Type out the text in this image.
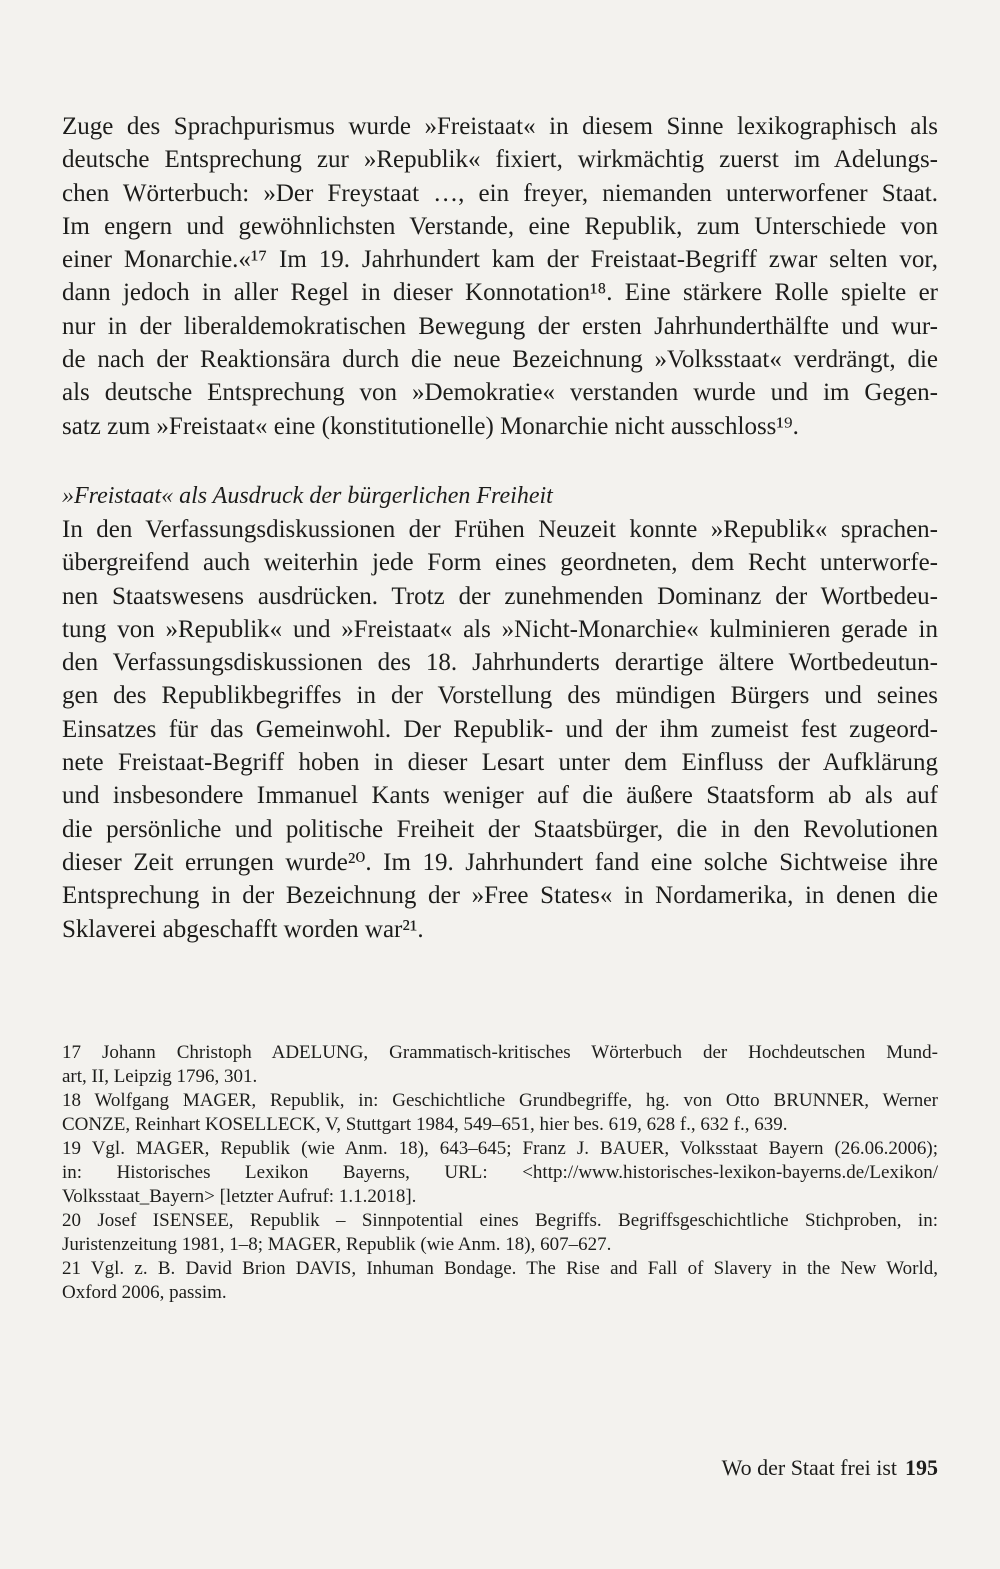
Zuge des Sprachpurismus wurde »Freistaat« in diesem Sinne lexikographisch als
deutsche Entsprechung zur »Republik« fixiert, wirkmächtig zuerst im Adelungs-
chen Wörterbuch: »Der Freystaat …, ein freyer, niemanden unterworfener Staat.
Im engern und gewöhnlichsten Verstande, eine Republik, zum Unterschiede von
einer Monarchie.«¹⁷ Im 19. Jahrhundert kam der Freistaat-Begriff zwar selten vor,
dann jedoch in aller Regel in dieser Konnotation¹⁸. Eine stärkere Rolle spielte er
nur in der liberaldemokratischen Bewegung der ersten Jahrhunderthälfte und wur-
de nach der Reaktionsära durch die neue Bezeichnung »Volksstaat« verdrängt, die
als deutsche Entsprechung von »Demokratie« verstanden wurde und im Gegen-
satz zum »Freistaat« eine (konstitutionelle) Monarchie nicht ausschloss¹⁹.
»Freistaat« als Ausdruck der bürgerlichen Freiheit
In den Verfassungsdiskussionen der Frühen Neuzeit konnte »Republik« sprachen-
übergreifend auch weiterhin jede Form eines geordneten, dem Recht unterworfe-
nen Staatswesens ausdrücken. Trotz der zunehmenden Dominanz der Wortbedeu-
tung von »Republik« und »Freistaat« als »Nicht-Monarchie« kulminieren gerade in
den Verfassungsdiskussionen des 18. Jahrhunderts derartige ältere Wortbedeutun-
gen des Republikbegriffes in der Vorstellung des mündigen Bürgers und seines
Einsatzes für das Gemeinwohl. Der Republik- und der ihm zumeist fest zugeord-
nete Freistaat-Begriff hoben in dieser Lesart unter dem Einfluss der Aufklärung
und insbesondere Immanuel Kants weniger auf die äußere Staatsform ab als auf
die persönliche und politische Freiheit der Staatsbürger, die in den Revolutionen
dieser Zeit errungen wurde²⁰. Im 19. Jahrhundert fand eine solche Sichtweise ihre
Entsprechung in der Bezeichnung der »Free States« in Nordamerika, in denen die
Sklaverei abgeschafft worden war²¹.
17 Johann Christoph ADELUNG, Grammatisch-kritisches Wörterbuch der Hochdeutschen Mund-
art, II, Leipzig 1796, 301.
18 Wolfgang MAGER, Republik, in: Geschichtliche Grundbegriffe, hg. von Otto BRUNNER, Werner
CONZE, Reinhart KOSELLECK, V, Stuttgart 1984, 549–651, hier bes. 619, 628 f., 632 f., 639.
19 Vgl. MAGER, Republik (wie Anm. 18), 643–645; Franz J. BAUER, Volksstaat Bayern (26.06.2006);
in: Historisches Lexikon Bayerns, URL: <http://www.historisches-lexikon-bayerns.de/Lexikon/
Volksstaat_Bayern> [letzter Aufruf: 1.1.2018].
20 Josef ISENSEE, Republik – Sinnpotential eines Begriffs. Begriffsgeschichtliche Stichproben, in:
Juristenzeitung 1981, 1–8; MAGER, Republik (wie Anm. 18), 607–627.
21 Vgl. z. B. David Brion DAVIS, Inhuman Bondage. The Rise and Fall of Slavery in the New World,
Oxford 2006, passim.
Wo der Staat frei ist 195
